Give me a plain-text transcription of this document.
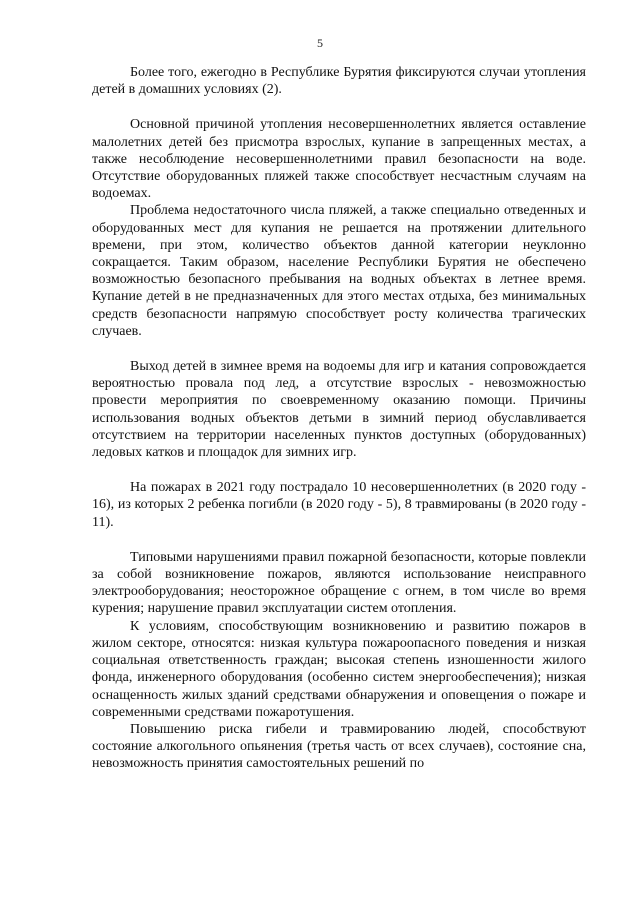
5

Более того, ежегодно в Республике Бурятия фиксируются случаи утопления детей в домашних условиях (2).

Основной причиной утопления несовершеннолетних является оставление малолетних детей без присмотра взрослых, купание в запрещенных местах, а также несоблюдение несовершеннолетними правил безопасности на воде. Отсутствие оборудованных пляжей также способствует несчастным случаям на водоемах.

Проблема недостаточного числа пляжей, а также специально отведенных и оборудованных мест для купания не решается на протяжении длительного времени, при этом, количество объектов данной категории неуклонно сокращается. Таким образом, население Республики Бурятия не обеспечено возможностью безопасного пребывания на водных объектах в летнее время. Купание детей в не предназначенных для этого местах отдыха, без минимальных средств безопасности напрямую способствует росту количества трагических случаев.

Выход детей в зимнее время на водоемы для игр и катания сопровождается вероятностью провала под лед, а отсутствие взрослых - невозможностью провести мероприятия по своевременному оказанию помощи. Причины использования водных объектов детьми в зимний период обуславливается отсутствием на территории населенных пунктов доступных (оборудованных) ледовых катков и площадок для зимних игр.

На пожарах в 2021 году пострадало 10 несовершеннолетних (в 2020 году - 16), из которых 2 ребенка погибли (в 2020 году - 5), 8 травмированы (в 2020 году - 11).

Типовыми нарушениями правил пожарной безопасности, которые повлекли за собой возникновение пожаров, являются использование неисправного электрооборудования; неосторожное обращение с огнем, в том числе во время курения; нарушение правил эксплуатации систем отопления.

К условиям, способствующим возникновению и развитию пожаров в жилом секторе, относятся: низкая культура пожароопасного поведения и низкая социальная ответственность граждан; высокая степень изношенности жилого фонда, инженерного оборудования (особенно систем энергообеспечения); низкая оснащенность жилых зданий средствами обнаружения и оповещения о пожаре и современными средствами пожаротушения.

Повышению риска гибели и травмированию людей, способствуют состояние алкогольного опьянения (третья часть от всех случаев), состояние сна, невозможность принятия самостоятельных решений по
